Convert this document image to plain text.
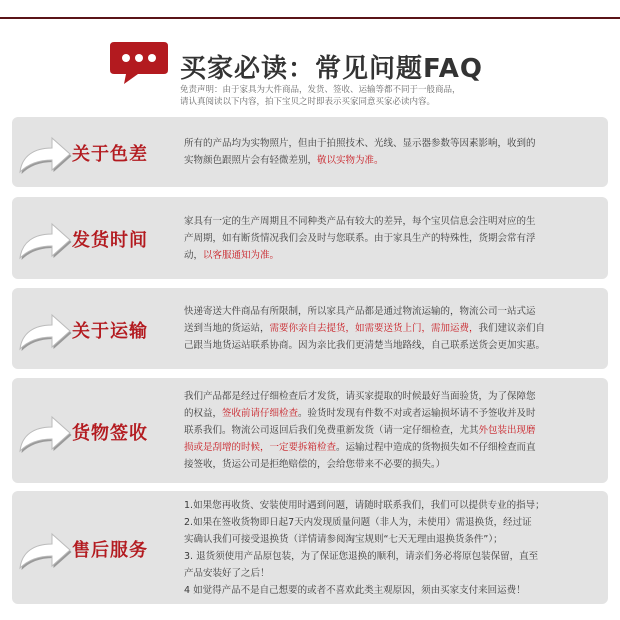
买家必读：常见问题FAQ
免责声明：由于家具为大件商品，发货、签收、运输等都不同于一般商品，
请认真阅读以下内容，拍下宝贝之时即表示买家同意买家必读内容。
关于色差
所有的产品均为实物照片，但由于拍照技术、光线、显示器参数等因素影响，收到的
实物颜色跟照片会有轻微差别，敬以实物为准。
发货时间
家具有一定的生产周期且不同种类产品有较大的差异，每个宝贝信息会注明对应的生
产周期，如有断货情况我们会及时与您联系。由于家具生产的特殊性，货期会常有浮
动，以客服通知为准。
关于运输
快递寄送大件商品有所限制，所以家具产品都是通过物流运输的，物流公司一站式运
送到当地的货运站，需要你亲自去提货，如需要送货上门，需加运费，我们建议亲们自
己跟当地货运站联系协商。因为亲比我们更清楚当地路线，自己联系送货会更加实惠。
货物签收
我们产品都是经过仔细检查后才发货，请买家提取的时候最好当面验货，为了保障您
的权益，签收前请仔细检查。验货时发现有件数不对或者运输损坏请不予签收并及时
联系我们。物流公司返回后我们免费重新发货（请一定仔细检查，尤其外包装出现磨
损或是刮增的时候，一定要拆箱检查。运输过程中造成的货物损失如不仔细检查而直
接签收，货运公司是拒绝赔偿的，会给您带来不必要的损失。）
售后服务
1.如果您再收货、安装使用时遇到问题，请随时联系我们，我们可以提供专业的指导；
2.如果在签收货物即日起7天内发现质量问题（非人为，未使用）需退换货，经过证
实确认我们可接受退换货（详情请参阅淘宝规则“七天无理由退换货条件”）；
3. 退货须使用产品原包装，为了保证您退换的顺利，请亲们务必将原包装保留，直至
产品安装好了之后！
4 如觉得产品不是自己想要的或者不喜欢此类主观原因，须由买家支付来回运费！
